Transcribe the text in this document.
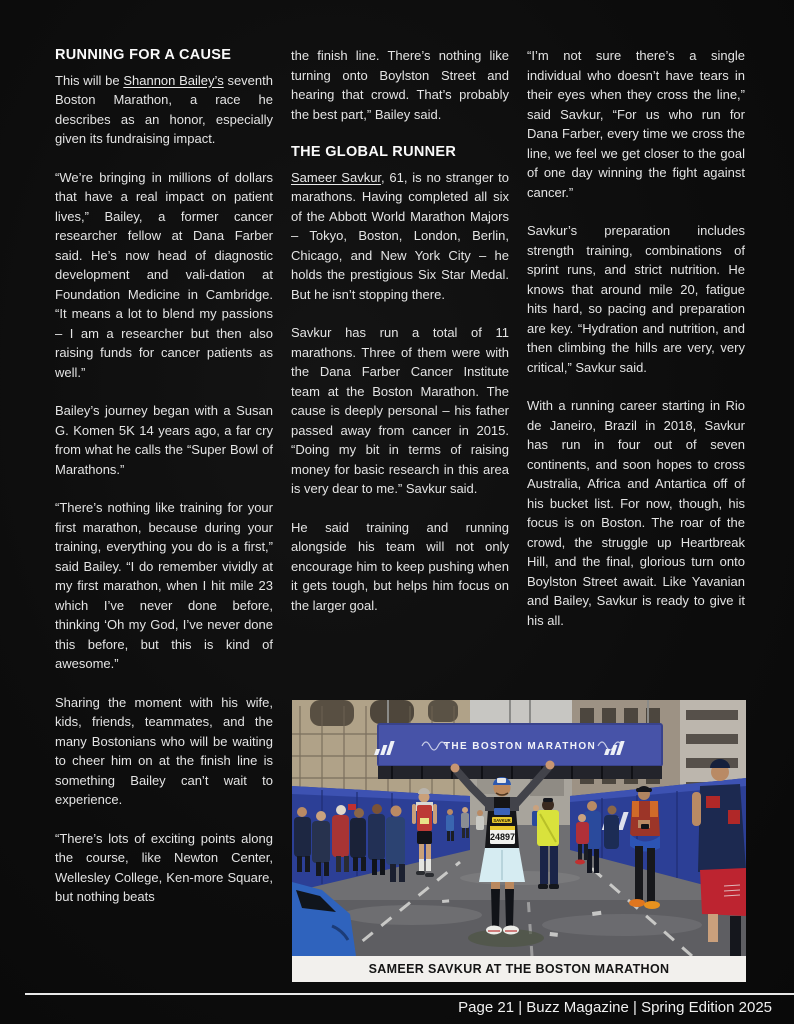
RUNNING FOR A CAUSE

This will be Shannon Bailey’s seventh Boston Marathon, a race he describes as an honor, especially given its fundraising impact.

“We’re bringing in millions of dollars that have a real impact on patient lives,” Bailey, a former cancer researcher fellow at Dana Farber said. He’s now head of diagnostic development and vali-dation at Foundation Medicine in Cambridge. “It means a lot to blend my passions – I am a researcher but then also raising funds for cancer patients as well.”

Bailey’s journey began with a Susan G. Komen 5K 14 years ago, a far cry from what he calls the “Super Bowl of Marathons.”

“There’s nothing like training for your first marathon, because during your training, everything you do is a first,” said Bailey. “I do remember vividly at my first marathon, when I hit mile 23 which I’ve never done before, thinking ‘Oh my God, I’ve never done this before, but this is kind of awesome.”

Sharing the moment with his wife, kids, friends, teammates, and the many Bostonians who will be waiting to cheer him on at the finish line is something Bailey can’t wait to experience.

“There’s lots of exciting points along the course, like Newton Center, Wellesley College, Ken-more Square, but nothing beats

the finish line. There’s nothing like turning onto Boylston Street and hearing that crowd. That’s probably the best part,” Bailey said.

THE GLOBAL RUNNER

Sameer Savkur, 61, is no stranger to marathons. Having completed all six of the Abbott World Marathon Majors – Tokyo, Boston, London, Berlin, Chicago, and New York City – he holds the prestigious Six Star Medal. But he isn’t stopping there.

Savkur has run a total of 11 marathons. Three of them were with the Dana Farber Cancer Institute team at the Boston Marathon. The cause is deeply personal – his father passed away from cancer in 2015. “Doing my bit in terms of raising money for basic research in this area is very dear to me.” Savkur said.

He said training and running alongside his team will not only encourage him to keep pushing when it gets tough, but helps him focus on the larger goal.

“I’m not sure there’s a single individual who doesn’t have tears in their eyes when they cross the line,” said Savkur, “For us who run for Dana Farber, every time we cross the line, we feel we get closer to the goal of one day winning the fight against cancer.”

Savkur’s preparation includes strength training, combinations of sprint runs, and strict nutrition. He knows that around mile 20, fatigue hits hard, so pacing and preparation are key. “Hydration and nutrition, and then climbing the hills are very, very critical,” Savkur said.

With a running career starting in Rio de Janeiro, Brazil in 2018, Savkur has run in four out of seven continents, and soon hopes to cross Australia, Africa and Antartica off of his bucket list. For now, though, his focus is on Boston. The roar of the crowd, the struggle up Heartbreak Hill, and the final, glorious turn onto Boylston Street await. Like Yavanian and Bailey, Savkur is ready to give it his all.

THE BOSTON MARATHON
SAVKUR
24897
SAMEER SAVKUR AT THE BOSTON MARATHON
Page 21 | Buzz Magazine | Spring Edition 2025
